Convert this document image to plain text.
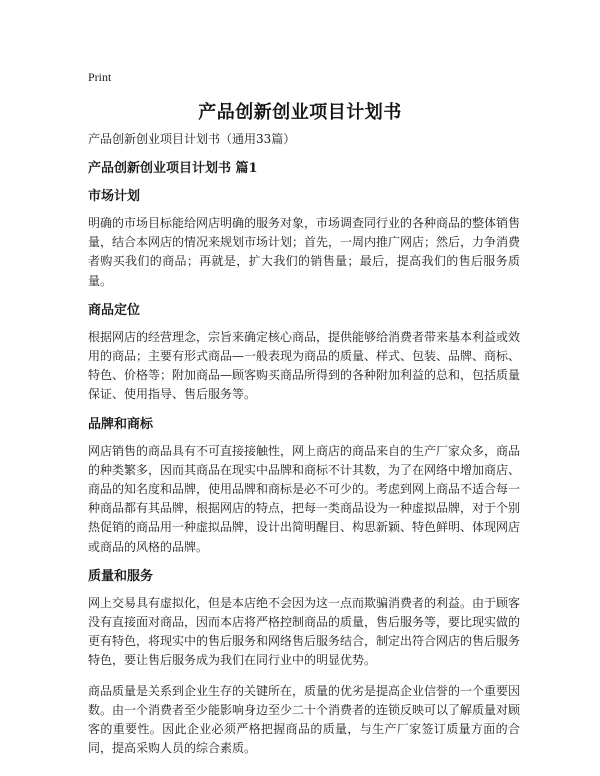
Print
产品创新创业项目计划书

产品创新创业项目计划书（通用33篇）

产品创新创业项目计划书 篇1

市场计划

明确的市场目标能给网店明确的服务对象，市场调查同行业的各种商品的整体销售量，结合本网店的情况来规划市场计划；首先，一周内推广网店；然后，力争消费者购买我们的商品；再就是，扩大我们的销售量；最后，提高我们的售后服务质量。

商品定位

根据网店的经营理念，宗旨来确定核心商品，提供能够给消费者带来基本利益或效用的商品；主要有形式商品—一般表现为商品的质量、样式、包装、品牌、商标、特色、价格等；附加商品—顾客购买商品所得到的各种附加利益的总和，包括质量保证、使用指导、售后服务等。

品牌和商标

网店销售的商品具有不可直接接触性，网上商店的商品来自的生产厂家众多，商品的种类繁多，因而其商品在现实中品牌和商标不计其数，为了在网络中增加商店、商品的知名度和品牌，使用品牌和商标是必不可少的。考虑到网上商品不适合每一种商品都有其品牌，根据网店的特点，把每一类商品设为一种虚拟品牌，对于个别热促销的商品用一种虚拟品牌，设计出简明醒目、构思新颖、特色鲜明、体现网店或商品的风格的品牌。

质量和服务

网上交易具有虚拟化，但是本店绝不会因为这一点而欺骗消费者的利益。由于顾客没有直接面对商品，因而本店将严格控制商品的质量，售后服务等，要比现实做的更有特色，将现实中的售后服务和网络售后服务结合，制定出符合网店的售后服务特色，要让售后服务成为我们在同行业中的明显优势。

商品质量是关系到企业生存的关键所在，质量的优劣是提高企业信誉的一个重要因数。由一个消费者至少能影响身边至少二十个消费者的连锁反映可以了解质量对顾客的重要性。因此企业必须严格把握商品的质量，与生产厂家签订质量方面的合同，提高采购人员的综合素质。
